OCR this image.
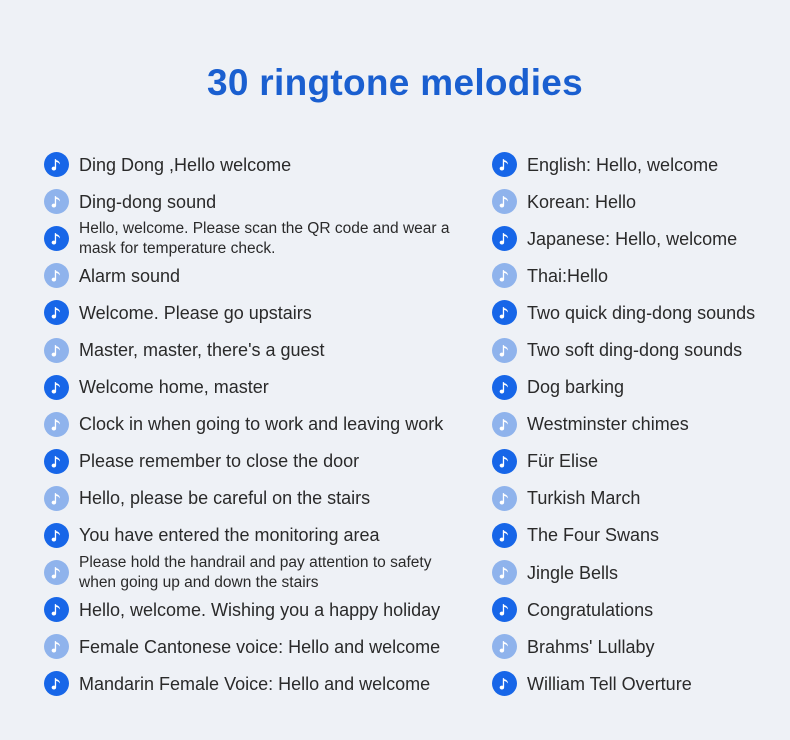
30 ringtone melodies
Ding Dong ,Hello welcome
Ding-dong sound
Hello, welcome. Please scan the QR code and wear a mask for temperature check.
Alarm sound
Welcome. Please go upstairs
Master, master, there's a guest
Welcome home, master
Clock in when going to work and leaving work
Please remember to close the door
Hello, please be careful on the stairs
You have entered the monitoring area
Please hold the handrail and pay attention to safety when going up and down the stairs
Hello, welcome. Wishing you a happy holiday
Female Cantonese voice: Hello and welcome
Mandarin Female Voice: Hello and welcome
English: Hello, welcome
Korean: Hello
Japanese: Hello, welcome
Thai:Hello
Two quick ding-dong sounds
Two soft ding-dong sounds
Dog barking
Westminster chimes
Für Elise
Turkish March
The Four Swans
Jingle Bells
Congratulations
Brahms' Lullaby
William Tell Overture
